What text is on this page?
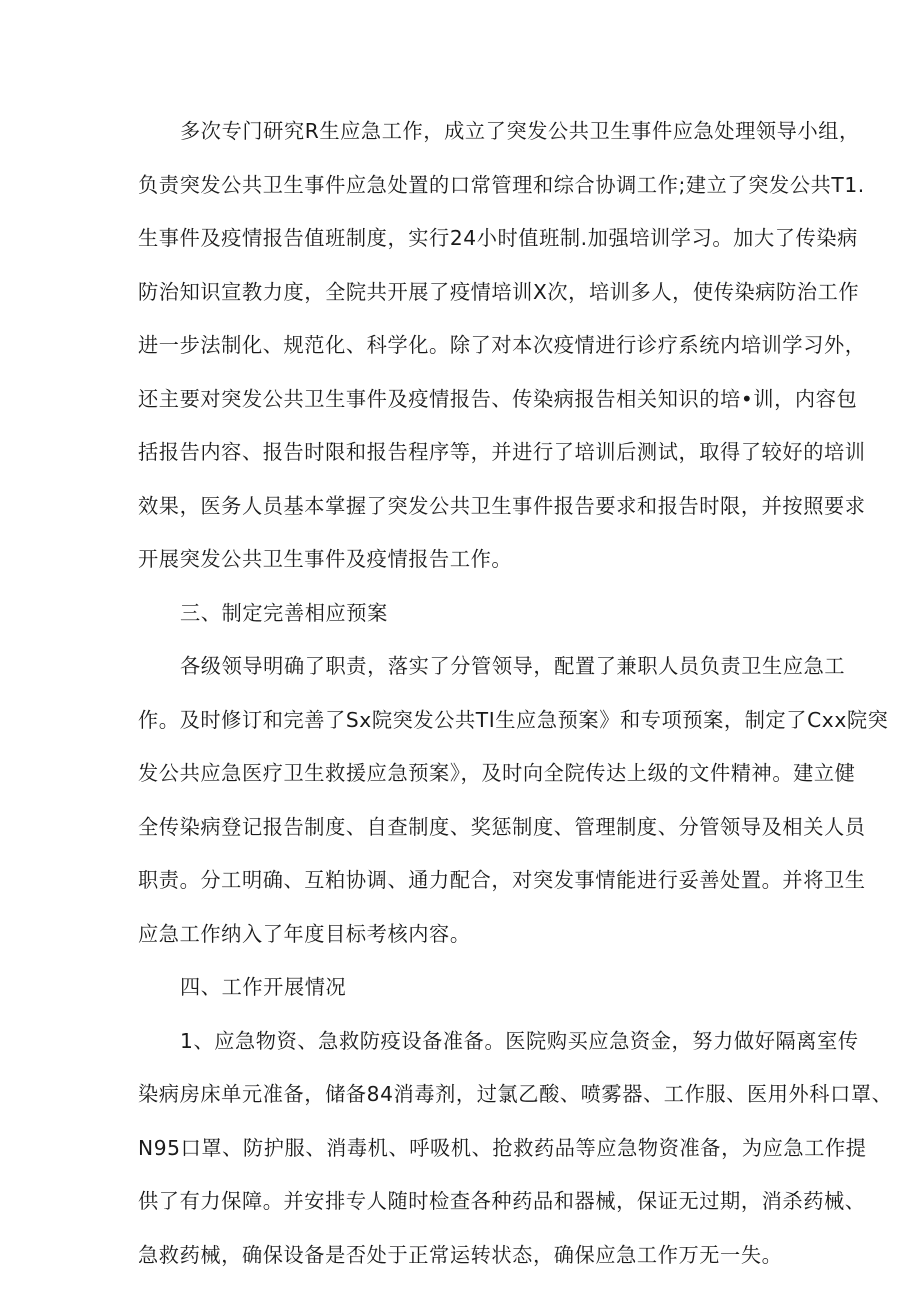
多次专门研究R生应急工作，成立了突发公共卫生事件应急处理领导小组，
负责突发公共卫生事件应急处置的口常管理和综合协调工作;建立了突发公共T1.
生事件及疫情报告值班制度，实行24小时值班制.加强培训学习。加大了传染病
防治知识宣教力度，全院共开展了疫情培训X次，培训多人，使传染病防治工作
进一步法制化、规范化、科学化。除了对本次疫情进行诊疗系统内培训学习外，
还主要对突发公共卫生事件及疫情报告、传染病报告相关知识的培•训，内容包
括报告内容、报告时限和报告程序等，并进行了培训后测试，取得了较好的培训
效果，医务人员基本掌握了突发公共卫生事件报告要求和报告时限，并按照要求
开展突发公共卫生事件及疫情报告工作。
三、制定完善相应预案
各级领导明确了职责，落实了分管领导，配置了兼职人员负责卫生应急工
作。及时修订和完善了Sx院突发公共TI生应急预案》和专项预案，制定了Cxx院突
发公共应急医疗卫生救援应急预案》，及时向全院传达上级的文件精神。建立健
全传染病登记报告制度、自查制度、奖惩制度、管理制度、分管领导及相关人员
职责。分工明确、互粕协调、通力配合，对突发事情能进行妥善处置。并将卫生
应急工作纳入了年度目标考核内容。
四、工作开展情况
1、应急物资、急救防疫设备准备。医院购买应急资金，努力做好隔离室传
染病房床单元准备，储备84消毒剂，过氯乙酸、喷雾器、工作服、医用外科口罩、
N95口罩、防护服、消毒机、呼吸机、抢救药品等应急物资准备，为应急工作提
供了有力保障。并安排专人随时检查各种药品和器械，保证无过期，消杀药械、
急救药械，确保设备是否处于正常运转状态，确保应急工作万无一失。
